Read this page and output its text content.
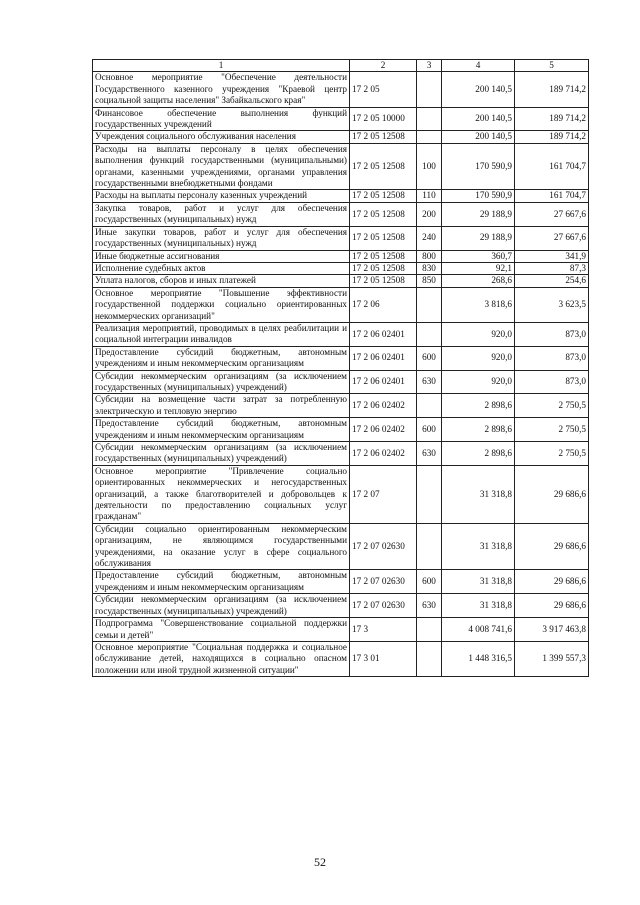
1	2	3	4	5
Основное мероприятие "Обеспечение деятельности Государственного казенного учреждения "Краевой центр социальной защиты населения" Забайкальского края"	17 2 05		200 140,5	189 714,2
Финансовое обеспечение выполнения функций государственных учреждений	17 2 05 10000		200 140,5	189 714,2
Учреждения социального обслуживания населения	17 2 05 12508		200 140,5	189 714,2
Расходы на выплаты персоналу в целях обеспечения выполнения функций государственными (муниципальными) органами, казенными учреждениями, органами управления государственными внебюджетными фондами	17 2 05 12508	100	170 590,9	161 704,7
Расходы на выплаты персоналу казенных учреждений	17 2 05 12508	110	170 590,9	161 704,7
Закупка товаров, работ и услуг для обеспечения государственных (муниципальных) нужд	17 2 05 12508	200	29 188,9	27 667,6
Иные закупки товаров, работ и услуг для обеспечения государственных (муниципальных) нужд	17 2 05 12508	240	29 188,9	27 667,6
Иные бюджетные ассигнования	17 2 05 12508	800	360,7	341,9
Исполнение судебных актов	17 2 05 12508	830	92,1	87,3
Уплата налогов, сборов и иных платежей	17 2 05 12508	850	268,6	254,6
Основное мероприятие "Повышение эффективности государственной поддержки социально ориентированных некоммерческих организаций"	17 2 06		3 818,6	3 623,5
Реализация мероприятий, проводимых в целях реабилитации и социальной интеграции инвалидов	17 2 06 02401		920,0	873,0
Предоставление субсидий бюджетным, автономным учреждениям и иным некоммерческим организациям	17 2 06 02401	600	920,0	873,0
Субсидии некоммерческим организациям (за исключением государственных (муниципальных) учреждений)	17 2 06 02401	630	920,0	873,0
Субсидии на возмещение части затрат за потребленную электрическую и тепловую энергию	17 2 06 02402		2 898,6	2 750,5
Предоставление субсидий бюджетным, автономным учреждениям и иным некоммерческим организациям	17 2 06 02402	600	2 898,6	2 750,5
Субсидии некоммерческим организациям (за исключением государственных (муниципальных) учреждений)	17 2 06 02402	630	2 898,6	2 750,5
Основное мероприятие "Привлечение социально ориентированных некоммерческих и негосударственных организаций, а также благотворителей и добровольцев к деятельности по предоставлению социальных услуг гражданам"	17 2 07		31 318,8	29 686,6
Субсидии социально ориентированным некоммерческим организациям, не являющимся государственными учреждениями, на оказание услуг в сфере социального обслуживания	17 2 07 02630		31 318,8	29 686,6
Предоставление субсидий бюджетным, автономным учреждениям и иным некоммерческим организациям	17 2 07 02630	600	31 318,8	29 686,6
Субсидии некоммерческим организациям (за исключением государственных (муниципальных) учреждений)	17 2 07 02630	630	31 318,8	29 686,6
Подпрограмма "Совершенствование социальной поддержки семьи и детей"	17 3		4 008 741,6	3 917 463,8
Основное мероприятие "Социальная поддержка и социальное обслуживание детей, находящихся в социально опасном положении или иной трудной жизненной ситуации"	17 3 01		1 448 316,5	1 399 557,3
52
